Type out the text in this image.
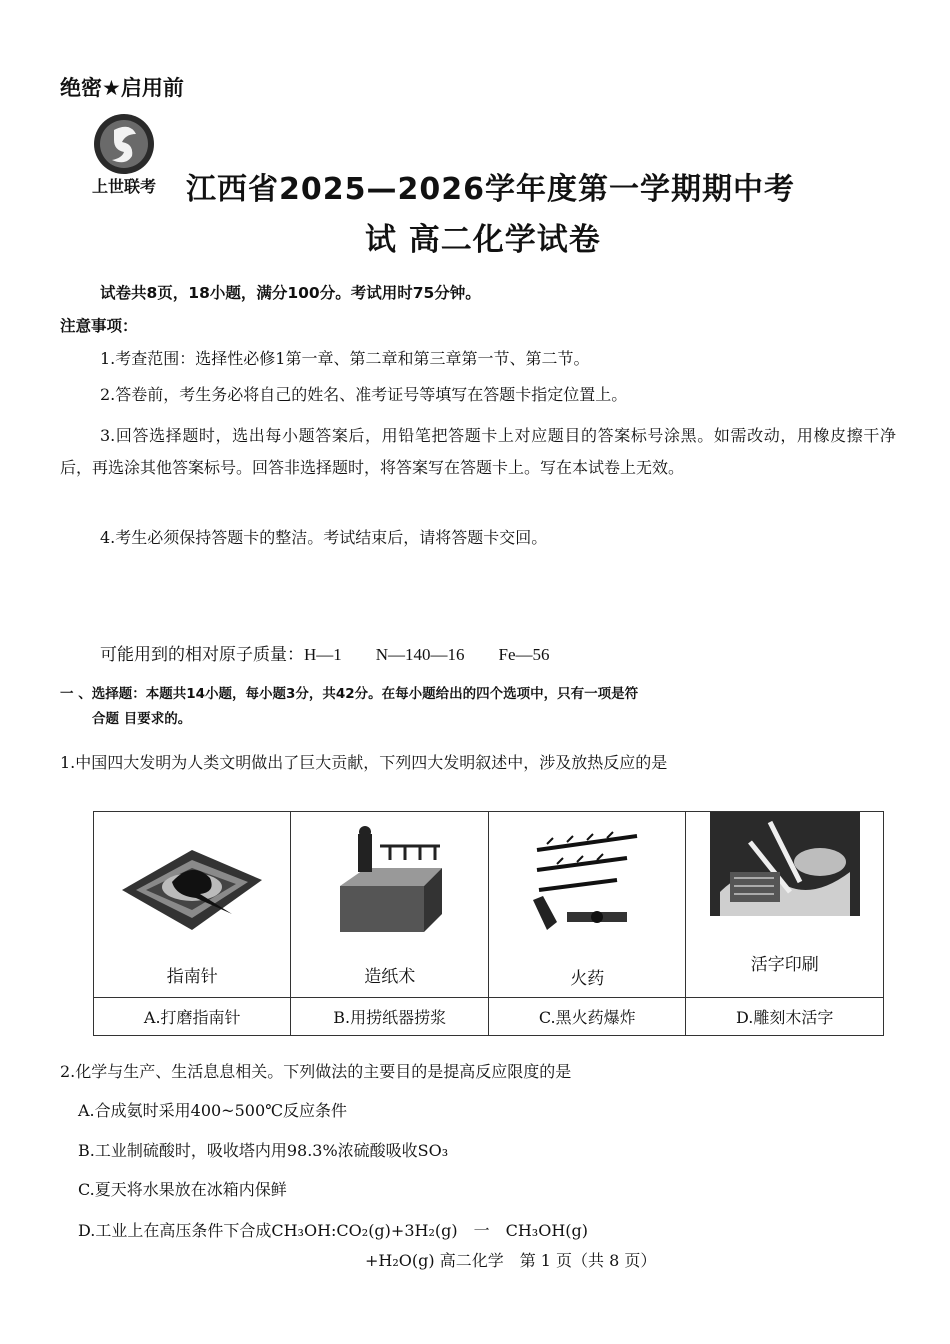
绝密★启用前
上世联考 江西省2025—2026学年度第一学期期中考
试 高二化学试卷
试卷共8页，18小题，满分100分。考试用时75分钟。
注意事项：
1.考查范围：选择性必修1第一章、第二章和第三章第一节、第二节。
2.答卷前，考生务必将自己的姓名、准考证号等填写在答题卡指定位置上。
3.回答选择题时，选出每小题答案后，用铅笔把答题卡上对应题目的答案标号涂黑。如需改动，用橡皮擦干净后，再选涂其他答案标号。回答非选择题时，将答案写在答题卡上。写在本试卷上无效。
4.考生必须保持答题卡的整洁。考试结束后，请将答题卡交回。
可能用到的相对原子质量：H—1　　N—140—16　　Fe—56
一 、选择题：本题共14小题，每小题3分，共42分。在每小题给出的四个选项中，只有一项是符
合题 目要求的。
1.中国四大发明为人类文明做出了巨大贡献，下列四大发明叙述中，涉及放热反应的是
指南针	造纸术	火药	活字印刷

A.打磨指南针	B.用捞纸器捞浆	C.黑火药爆炸	D.雕刻木活字
2.化学与生产、生活息息相关。下列做法的主要目的是提高反应限度的是
A.合成氨时采用400~500℃反应条件
B.工业制硫酸时，吸收塔内用98.3%浓硫酸吸收SO₃
C.夏天将水果放在冰箱内保鲜
D.工业上在高压条件下合成CH₃OH:CO₂(g)+3H₂(g)　一　CH₃OH(g)
+H₂O(g) 高二化学　第 1 页（共 8 页）
